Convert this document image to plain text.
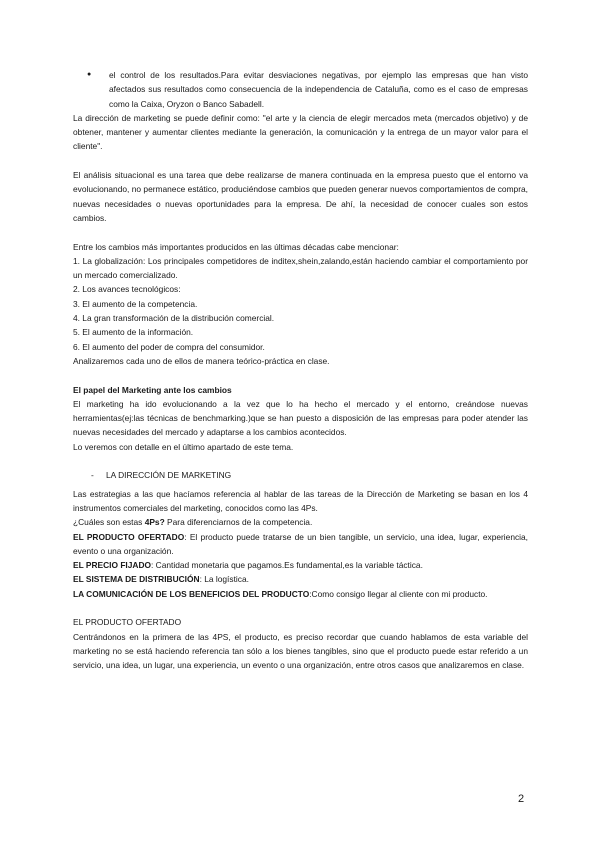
●	el control de los resultados.Para evitar desviaciones negativas, por ejemplo las empresas que han visto afectados sus resultados como consecuencia de la independencia de Cataluña, como es el caso de empresas como la Caixa, Oryzon o Banco Sabadell.

La dirección de marketing se puede definir como: "el arte y la ciencia de elegir mercados meta (mercados objetivo) y de obtener, mantener y aumentar clientes mediante la generación, la comunicación y la entrega de un mayor valor para el cliente".

El análisis situacional es una tarea que debe realizarse de manera continuada en la empresa puesto que el entorno va evolucionando, no permanece estático, produciéndose cambios que pueden generar nuevos comportamientos de compra, nuevas necesidades o nuevas oportunidades para la empresa. De ahí, la necesidad de conocer cuales son estos cambios.

Entre los cambios más importantes producidos en las últimas décadas cabe mencionar:

1. La globalización: Los principales competidores de inditex,shein,zalando,están haciendo cambiar el comportamiento por un mercado comercializado.

2. Los avances tecnológicos:

3. El aumento de la competencia.

4. La gran transformación de la distribución comercial.

5. El aumento de la información.

6. El aumento del poder de compra del consumidor.

Analizaremos cada uno de ellos de manera teórico-práctica en clase.

El papel del Marketing ante los cambios

El marketing ha ido evolucionando a la vez que lo ha hecho el mercado y el entorno, creándose nuevas herramientas(ej:las técnicas de benchmarking.)que se han puesto a disposición de las empresas para poder atender las nuevas necesidades del mercado y adaptarse a los cambios acontecidos.

Lo veremos con detalle en el último apartado de este tema.

-	LA DIRECCIÓN DE MARKETING

Las estrategias a las que hacíamos referencia al hablar de las tareas de la Dirección de Marketing se basan en los 4 instrumentos comerciales del marketing, conocidos como las 4Ps.

¿Cuáles son estas 4Ps? Para diferenciarnos de la competencia.

EL PRODUCTO OFERTADO: El producto puede tratarse de un bien tangible, un servicio, una idea, lugar, experiencia, evento o una organización.

EL PRECIO FIJADO: Cantidad monetaria que pagamos.Es fundamental,es la variable táctica.

EL SISTEMA DE DISTRIBUCIÓN: La logística.

LA COMUNICACIÓN DE LOS BENEFICIOS DEL PRODUCTO:Como consigo llegar al cliente con mi producto.

EL PRODUCTO OFERTADO

Centrándonos en la primera de las 4PS, el producto, es preciso recordar que cuando hablamos de esta variable del marketing no se está haciendo referencia tan sólo a los bienes tangibles, sino que el producto puede estar referido a un servicio, una idea, un lugar, una experiencia, un evento o una organización, entre otros casos que analizaremos en clase.

2
